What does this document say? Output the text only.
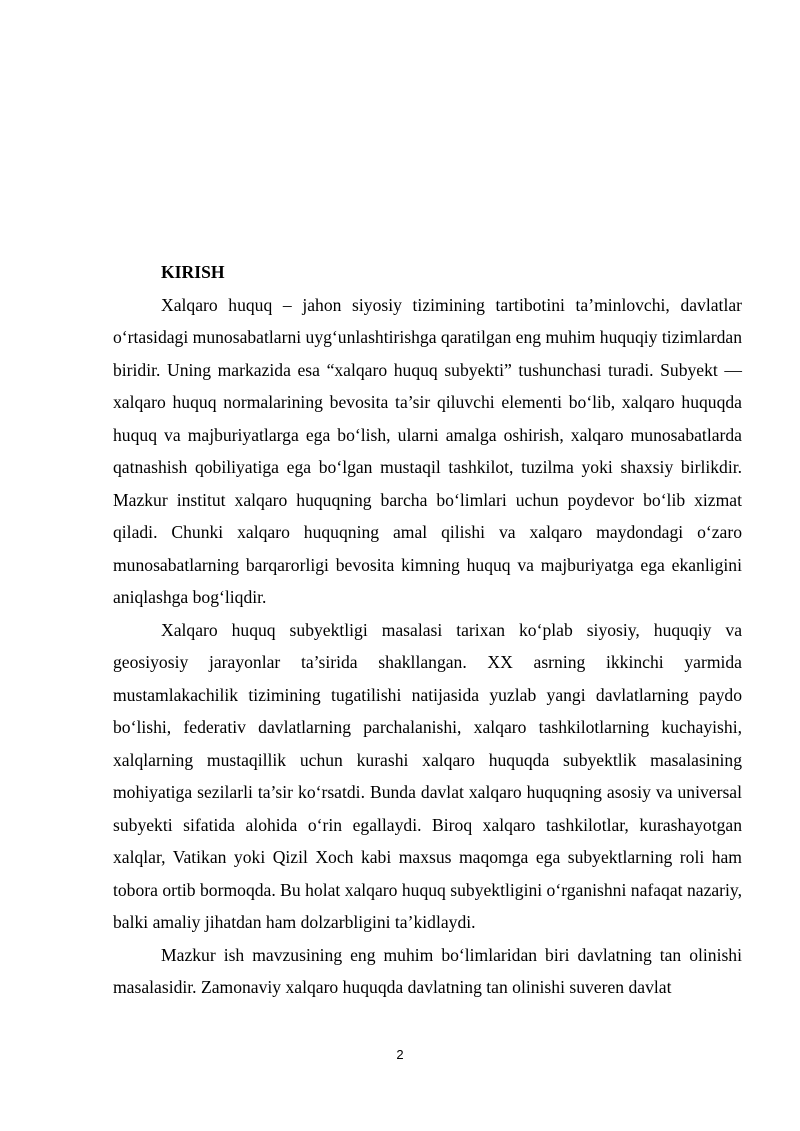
KIRISH

Xalqaro huquq – jahon siyosiy tizimining tartibotini ta’minlovchi, davlatlar o‘rtasidagi munosabatlarni uyg‘unlashtirishga qaratilgan eng muhim huquqiy tizimlardan biridir. Uning markazida esa “xalqaro huquq subyekti” tushunchasi turadi. Subyekt — xalqaro huquq normalarining bevosita ta’sir qiluvchi elementi bo‘lib, xalqaro huquqda huquq va majburiyatlarga ega bo‘lish, ularni amalga oshirish, xalqaro munosabatlarda qatnashish qobiliyatiga ega bo‘lgan mustaqil tashkilot, tuzilma yoki shaxsiy birlikdir. Mazkur institut xalqaro huquqning barcha bo‘limlari uchun poydevor bo‘lib xizmat qiladi. Chunki xalqaro huquqning amal qilishi va xalqaro maydondagi o‘zaro munosabatlarning barqarorligi bevosita kimning huquq va majburiyatga ega ekanligini aniqlashga bog‘liqdir.

Xalqaro huquq subyektligi masalasi tarixan ko‘plab siyosiy, huquqiy va geosiyosiy jarayonlar ta’sirida shakllangan. XX asrning ikkinchi yarmida mustamlakachilik tizimining tugatilishi natijasida yuzlab yangi davlatlarning paydo bo‘lishi, federativ davlatlarning parchalanishi, xalqaro tashkilotlarning kuchayishi, xalqlarning mustaqillik uchun kurashi xalqaro huquqda subyektlik masalasining mohiyatiga sezilarli ta’sir ko‘rsatdi. Bunda davlat xalqaro huquqning asosiy va universal subyekti sifatida alohida o‘rin egallaydi. Biroq xalqaro tashkilotlar, kurashayotgan xalqlar, Vatikan yoki Qizil Xoch kabi maxsus maqomga ega subyektlarning roli ham tobora ortib bormoqda. Bu holat xalqaro huquq subyektligini o‘rganishni nafaqat nazariy, balki amaliy jihatdan ham dolzarbligini ta’kidlaydi.

Mazkur ish mavzusining eng muhim bo‘limlaridan biri davlatning tan olinishi masalasidir. Zamonaviy xalqaro huquqda davlatning tan olinishi suveren davlat

2
